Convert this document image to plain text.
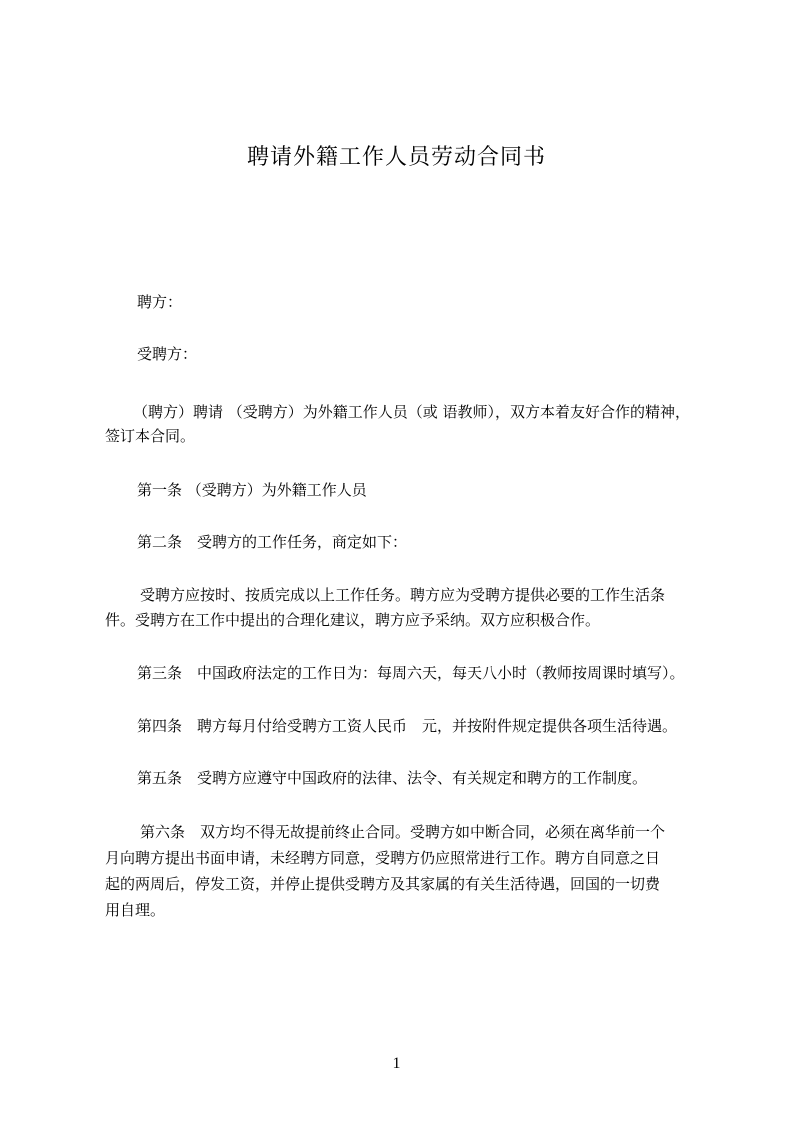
聘请外籍工作人员劳动合同书
聘方：
受聘方：
（聘方）聘请 （受聘方）为外籍工作人员（或 语教师），双方本着友好合作的精神，
签订本合同。
第一条 （受聘方）为外籍工作人员
第二条　受聘方的工作任务，商定如下：
受聘方应按时、按质完成以上工作任务。聘方应为受聘方提供必要的工作生活条
件。受聘方在工作中提出的合理化建议，聘方应予采纳。双方应积极合作。
第三条　中国政府法定的工作日为：每周六天，每天八小时（教师按周课时填写）。
第四条　聘方每月付给受聘方工资人民币　元，并按附件规定提供各项生活待遇。
第五条　受聘方应遵守中国政府的法律、法令、有关规定和聘方的工作制度。
第六条　双方均不得无故提前终止合同。受聘方如中断合同，必须在离华前一个
月向聘方提出书面申请，未经聘方同意，受聘方仍应照常进行工作。聘方自同意之日
起的两周后，停发工资，并停止提供受聘方及其家属的有关生活待遇，回国的一切费
用自理。
1
